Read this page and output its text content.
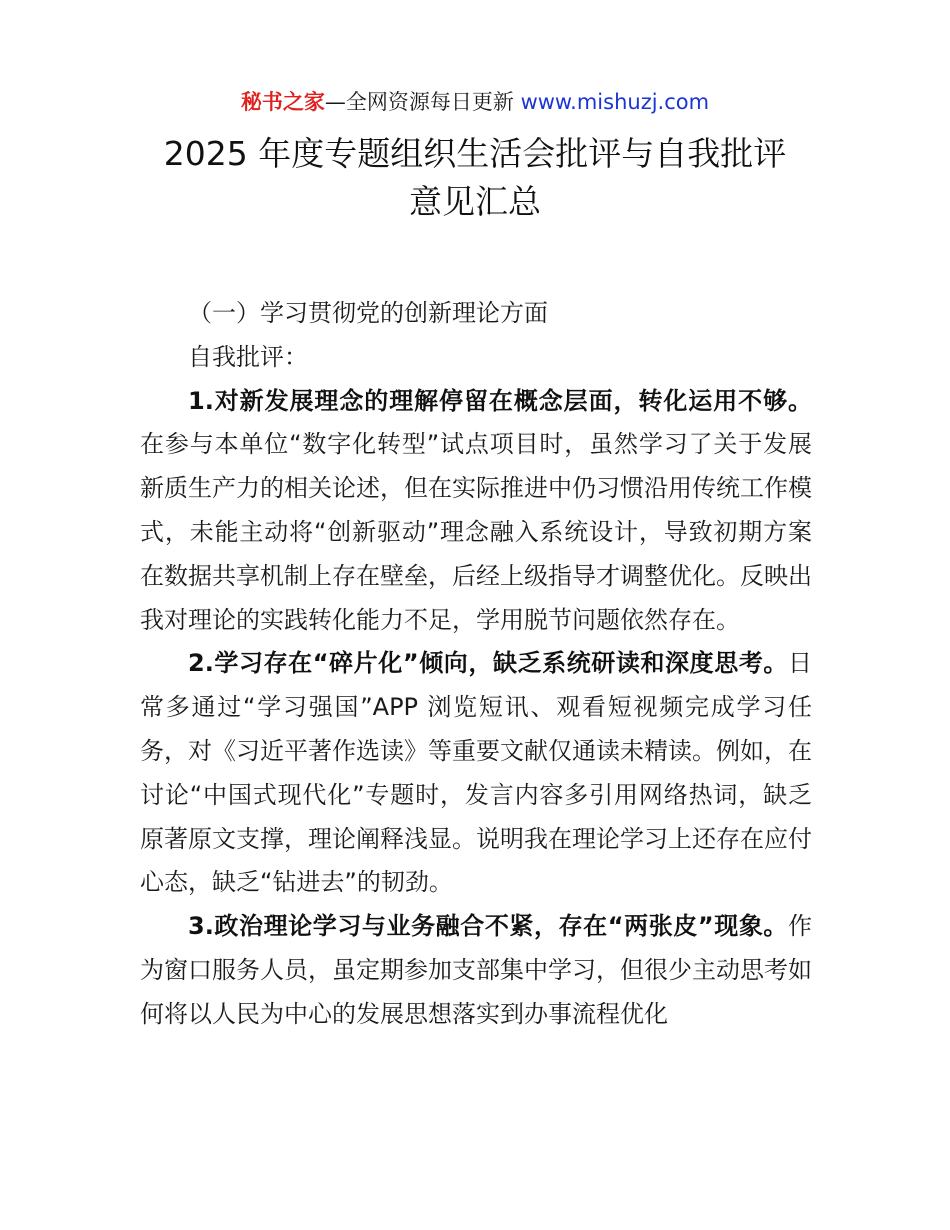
秘书之家—全网资源每日更新 www.mishuzj.com
2025 年度专题组织生活会批评与自我批评
意见汇总

（一）学习贯彻党的创新理论方面

自我批评：

1.对新发展理念的理解停留在概念层面，转化运用不够。在参与本单位“数字化转型”试点项目时，虽然学习了关于发展新质生产力的相关论述，但在实际推进中仍习惯沿用传统工作模式，未能主动将“创新驱动”理念融入系统设计，导致初期方案在数据共享机制上存在壁垒，后经上级指导才调整优化。反映出我对理论的实践转化能力不足，学用脱节问题依然存在。

2.学习存在“碎片化”倾向，缺乏系统研读和深度思考。日常多通过“学习强国”APP 浏览短讯、观看短视频完成学习任务，对《习近平著作选读》等重要文献仅通读未精读。例如，在讨论“中国式现代化”专题时，发言内容多引用网络热词，缺乏原著原文支撑，理论阐释浅显。说明我在理论学习上还存在应付心态，缺乏“钻进去”的韧劲。

3.政治理论学习与业务融合不紧，存在“两张皮”现象。作为窗口服务人员，虽定期参加支部集中学习，但很少主动思考如何将以人民为中心的发展思想落实到办事流程优化
